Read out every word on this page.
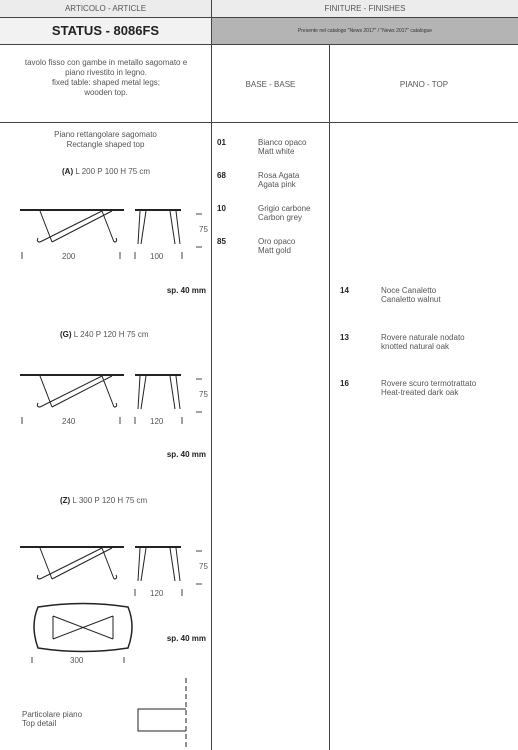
ARTICOLO - ARTICLE	FINITURE - FINISHES
STATUS - 8086FS	Presente nel catalogo "News 2017" / "News 2017" catalogue
tavolo fisso con gambe in metallo sagomato e
piano rivestito in legno.
fixed table: shaped metal legs;
wooden top.
BASE - BASE	PIANO - TOP
Piano rettangolare sagomato
Rectangle shaped top
(A) L 200 P 100 H 75 cm
75
200	100
sp. 40 mm
(G) L 240 P 120 H 75 cm
75
240	120
sp. 40 mm
(Z) L 300 P 120 H 75 cm
75
120
sp. 40 mm
300
Particolare piano
Top detail
01	Bianco opaco
Matt white
68	Rosa Agata
Agata pink
10	Grigio carbone
Carbon grey
85	Oro opaco
Matt gold
14	Noce Canaletto
Canaletto walnut
13	Rovere naturale nodato
knotted natural oak
16	Rovere scuro termotrattato
Heat-treated dark oak
